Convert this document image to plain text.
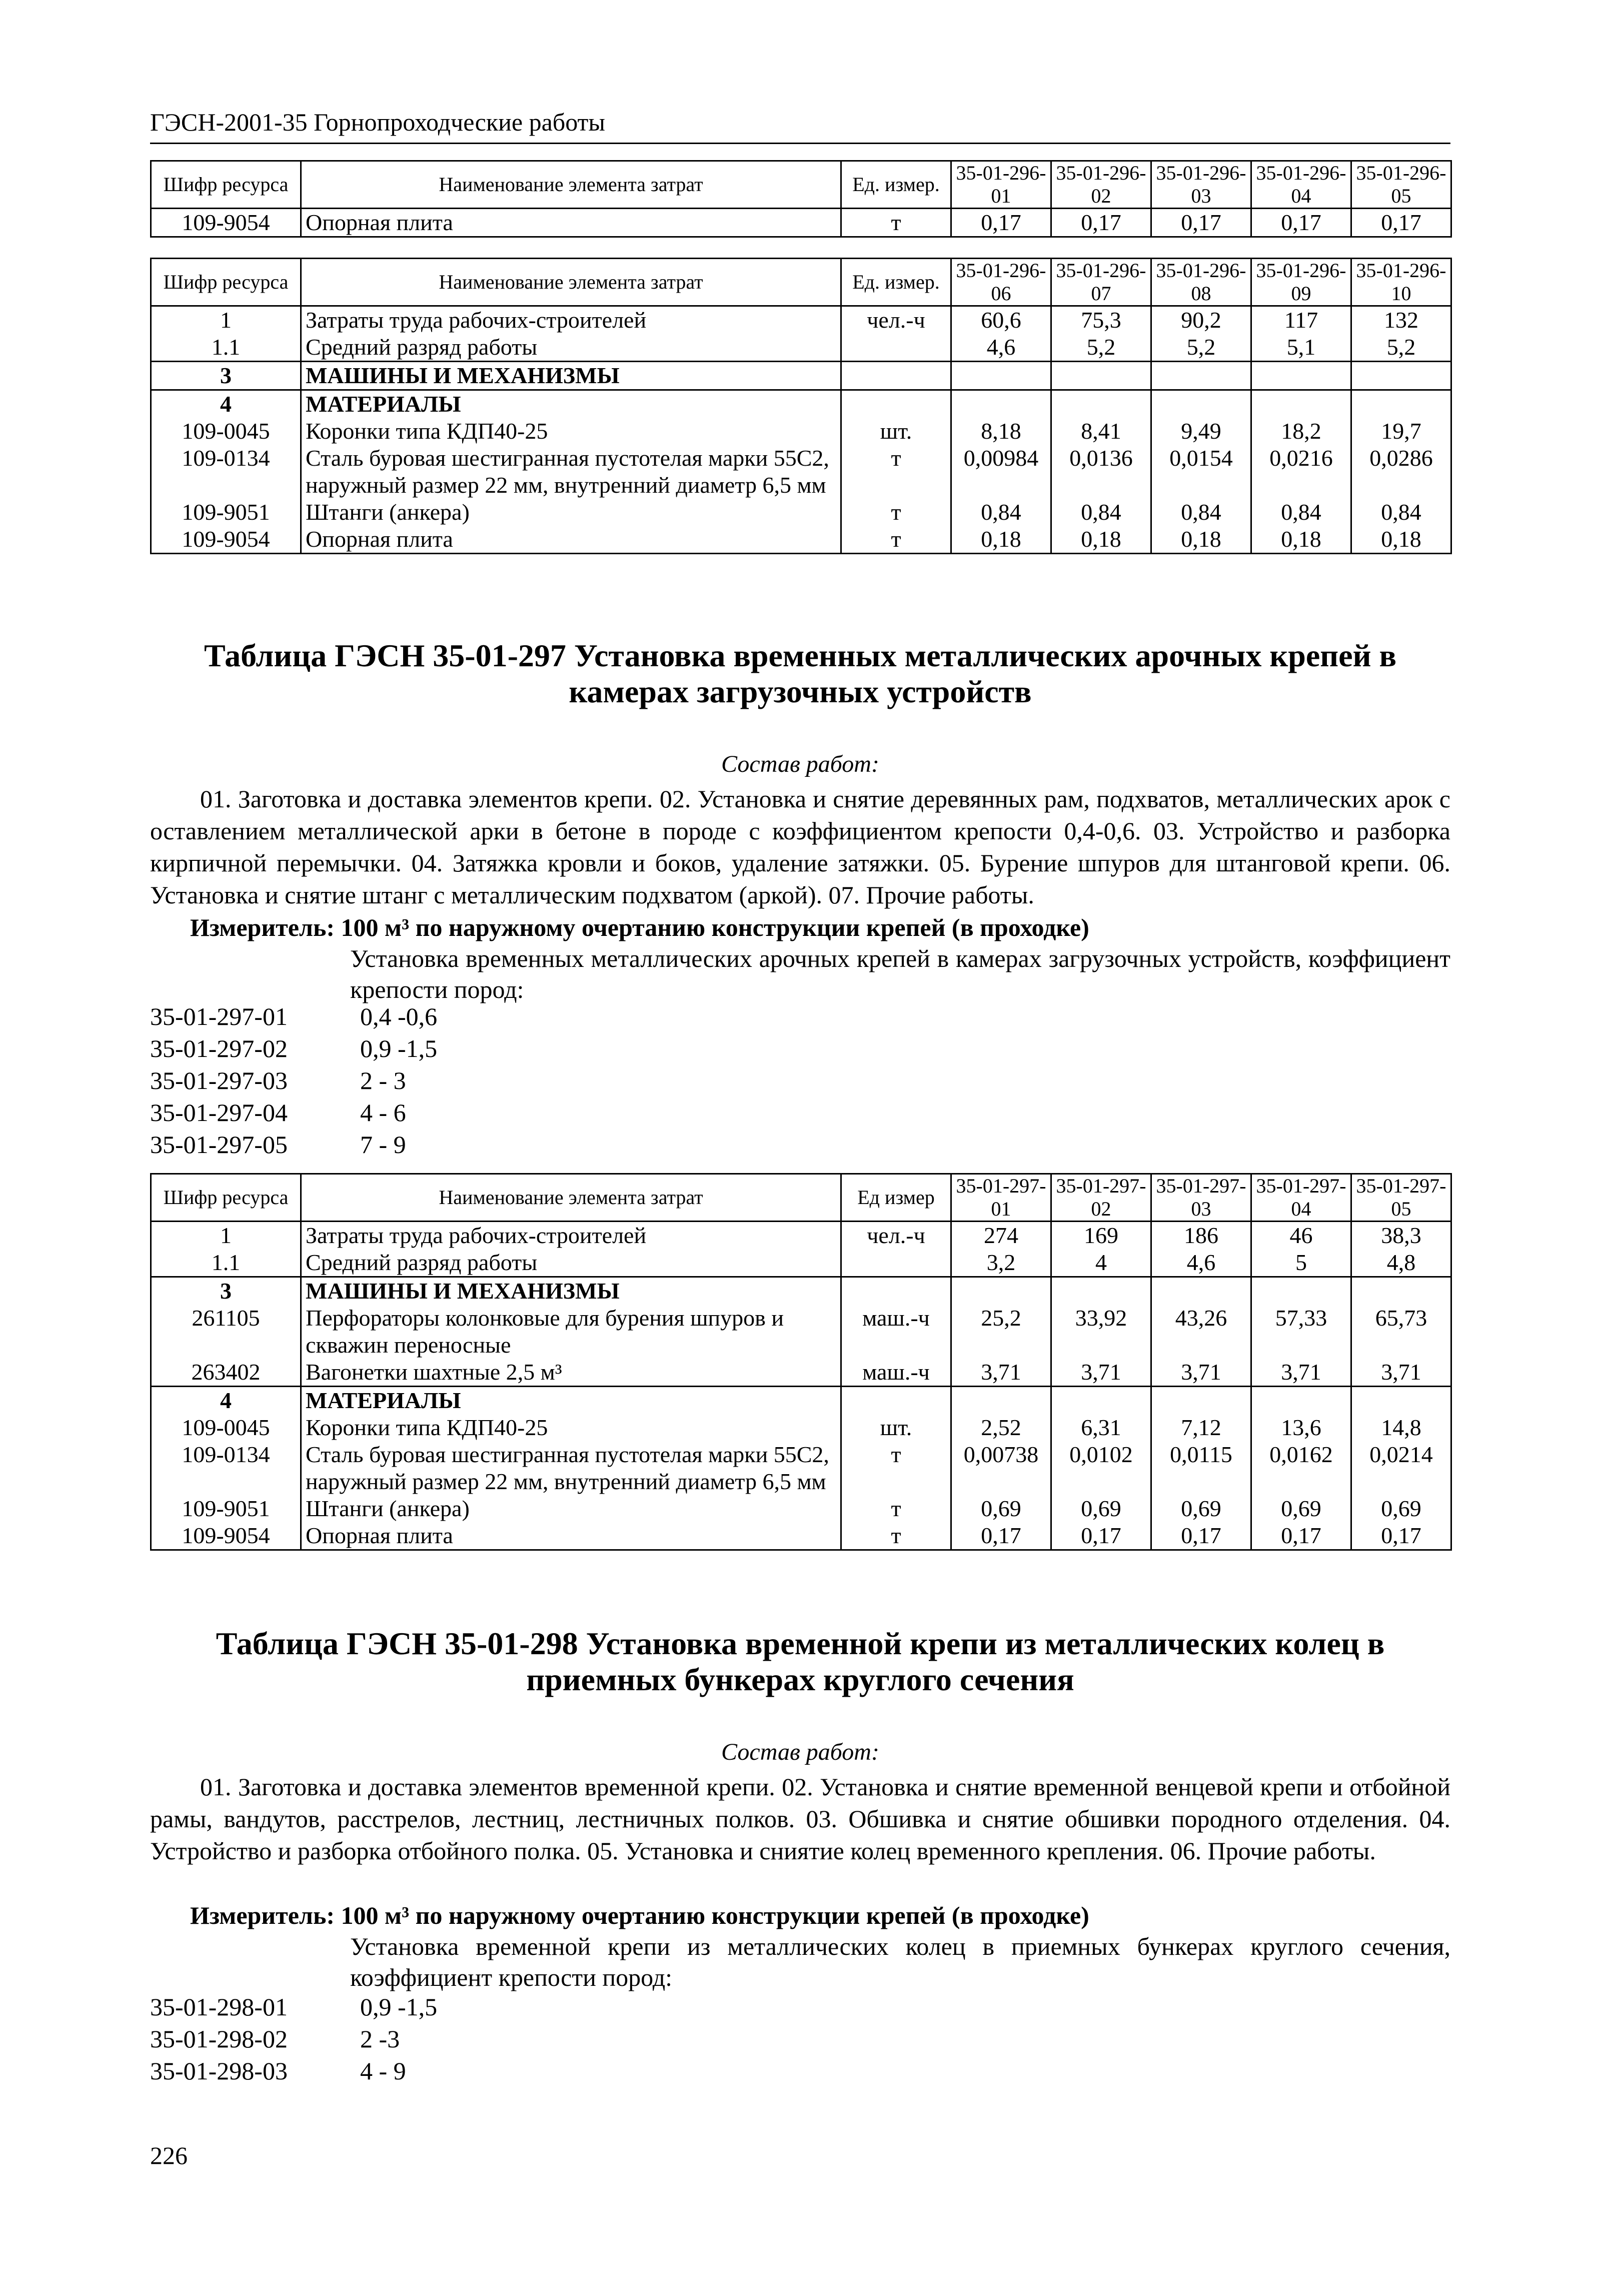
ГЭСН-2001-35 Горнопроходческие работы
Шифр ресурса	Наименование элемента затрат	Ед. измер.	35-01-296-01	35-01-296-02	35-01-296-03	35-01-296-04	35-01-296-05
109-9054	Опорная плита	т	0,17	0,17	0,17	0,17	0,17
Шифр ресурса	Наименование элемента затрат	Ед. измер.	35-01-296-06	35-01-296-07	35-01-296-08	35-01-296-09	35-01-296-10
1	Затраты труда рабочих-строителей	чел.-ч	60,6	75,3	90,2	117	132
1.1	Средний разряд работы		4,6	5,2	5,2	5,1	5,2
3	МАШИНЫ И МЕХАНИЗМЫ						
4	МАТЕРИАЛЫ						
109-0045	Коронки типа КДП40-25	шт.	8,18	8,41	9,49	18,2	19,7
109-0134	Сталь буровая шестигранная пустотелая марки 55С2, наружный размер 22 мм, внутренний диаметр 6,5 мм	т	0,00984	0,0136	0,0154	0,0216	0,0286
109-9051	Штанги (анкера)	т	0,84	0,84	0,84	0,84	0,84
109-9054	Опорная плита	т	0,18	0,18	0,18	0,18	0,18
Таблица ГЭСН 35-01-297 Установка временных металлических арочных крепей в камерах загрузочных устройств
Состав работ:

01. Заготовка и доставка элементов крепи. 02. Установка и снятие деревянных рам, подхватов, металлических арок с оставлением металлической арки в бетоне в породе с коэффициентом крепости 0,4-0,6. 03. Устройство и разборка кирпичной перемычки. 04. Затяжка кровли и боков, удаление затяжки. 05. Бурение шпуров для штанговой крепи. 06. Установка и снятие штанг с металлическим подхватом (аркой). 07. Прочие работы.

Измеритель: 100 м³ по наружному очертанию конструкции крепей (в проходке)

Установка временных металлических арочных крепей в камерах загрузочных устройств, коэффициент крепости пород:

35-01-297-01	0,4 -0,6
35-01-297-02	0,9 -1,5
35-01-297-03	2 - 3
35-01-297-04	4 - 6
35-01-297-05	7 - 9
Шифр ресурса	Наименование элемента затрат	Ед измер	35-01-297-01	35-01-297-02	35-01-297-03	35-01-297-04	35-01-297-05
1	Затраты труда рабочих-строителей	чел.-ч	274	169	186	46	38,3
1.1	Средний разряд работы		3,2	4	4,6	5	4,8
3	МАШИНЫ И МЕХАНИЗМЫ						
261105	Перфораторы колонковые для бурения шпуров и скважин переносные	маш.-ч	25,2	33,92	43,26	57,33	65,73
263402	Вагонетки шахтные 2,5 м³	маш.-ч	3,71	3,71	3,71	3,71	3,71
4	МАТЕРИАЛЫ						
109-0045	Коронки типа КДП40-25	шт.	2,52	6,31	7,12	13,6	14,8
109-0134	Сталь буровая шестигранная пустотелая марки 55С2, наружный размер 22 мм, внутренний диаметр 6,5 мм	т	0,00738	0,0102	0,0115	0,0162	0,0214
109-9051	Штанги (анкера)	т	0,69	0,69	0,69	0,69	0,69
109-9054	Опорная плита	т	0,17	0,17	0,17	0,17	0,17
Таблица ГЭСН 35-01-298 Установка временной крепи из металлических колец в приемных бункерах круглого сечения
Состав работ:

01. Заготовка и доставка элементов временной крепи. 02. Установка и снятие временной венцевой крепи и отбойной рамы, вандутов, расстрелов, лестниц, лестничных полков. 03. Обшивка и снятие обшивки породного отделения. 04. Устройство и разборка отбойного полка. 05. Установка и сниятие колец временного крепления. 06. Прочие работы.

Измеритель: 100 м³ по наружному очертанию конструкции крепей (в проходке)

Установка временной крепи из металлических колец в приемных бункерах круглого сечения, коэффициент крепости пород:

35-01-298-01	0,9 -1,5
35-01-298-02	2 -3
35-01-298-03	4 - 9
226
